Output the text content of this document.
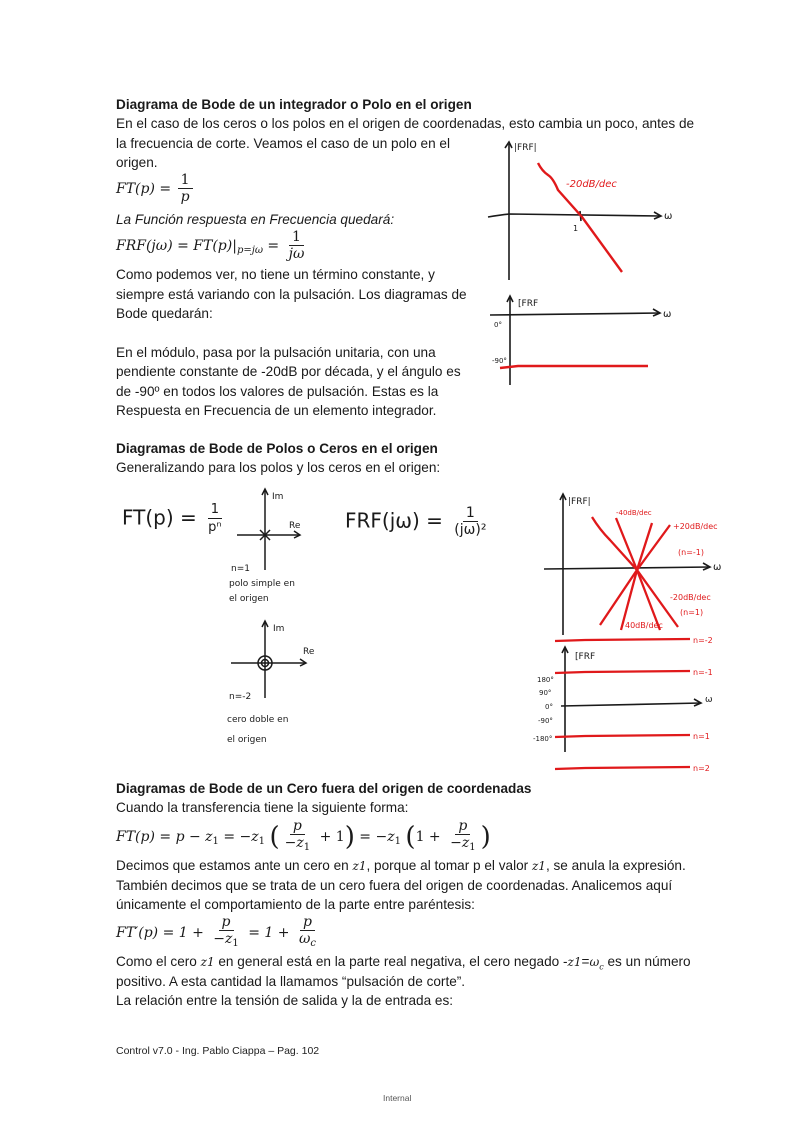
Diagrama de Bode de un integrador o Polo en el origen
En el caso de los ceros o los polos en el origen de coordenadas, esto cambia un poco, antes de
la frecuencia de corte. Veamos el caso de un polo en el
origen.
$FT(p) = \frac{1}{p}$
La Función respuesta en Frecuencia quedará:
$FRF(j\omega) = FT(p)|_{p=j\omega} = \frac{1}{j\omega}$
Como podemos ver, no tiene un término constante, y
siempre está variando con la pulsación. Los diagramas de
Bode quedarán:
En el módulo, pasa por la pulsación unitaria, con una
pendiente constante de -20dB por década, y el ángulo es
de -90º en todos los valores de pulsación. Estas es la
Respuesta en Frecuencia de un elemento integrador.
|FRF|
ω
1
-20dB/dec
[FRF
ω
0°
-90°
Diagramas de Bode de Polos o Ceros en el origen
Generalizando para los polos y los ceros en el origen:
$FT(p) = \frac{1}{\text{pⁿ}}$	$FRF(j\omega) = \frac{1}{\text{(jω)²}}$
Im
Re
n=1
polo simple en
el origen
Im
Re
n=-2
cero doble en
el origen
|FRF|
ω
-40dB/dec
+20dB/dec
(n=-1)
-20dB/dec
(n=1)
40dB/dec
[FRF
ω
180°
90°
0°
-90°
-180°
n=-2
n=-1
n=1
n=2
Diagramas de Bode de un Cero fuera del origen de coordenadas
Cuando la transferencia tiene la siguiente forma:
$FT(p) = p - z_1 = -z_1$ ( $\frac{p}{-z_1} + 1) = -z_1$ ($1 + \frac{p}{-z_1}$ )
Decimos que estamos ante un cero en z1, porque al tomar p el valor z1, se anula la expresión.
También decimos que se trata de un cero fuera del origen de coordenadas. Analicemos aquí
únicamente el comportamiento de la parte entre paréntesis:
$FT'(p) = 1 + \frac{p}{-z_1} = 1 + \frac{p}{\omega_c}$
Como el cero z1 en general está en la parte real negativa, el cero negado $-z1=\omega_c$ es un número
positivo. A esta cantidad la llamamos “pulsación de corte”.
La relación entre la tensión de salida y la de entrada es:
Control v7.0 - Ing. Pablo Ciappa – Pag. 102
Internal
